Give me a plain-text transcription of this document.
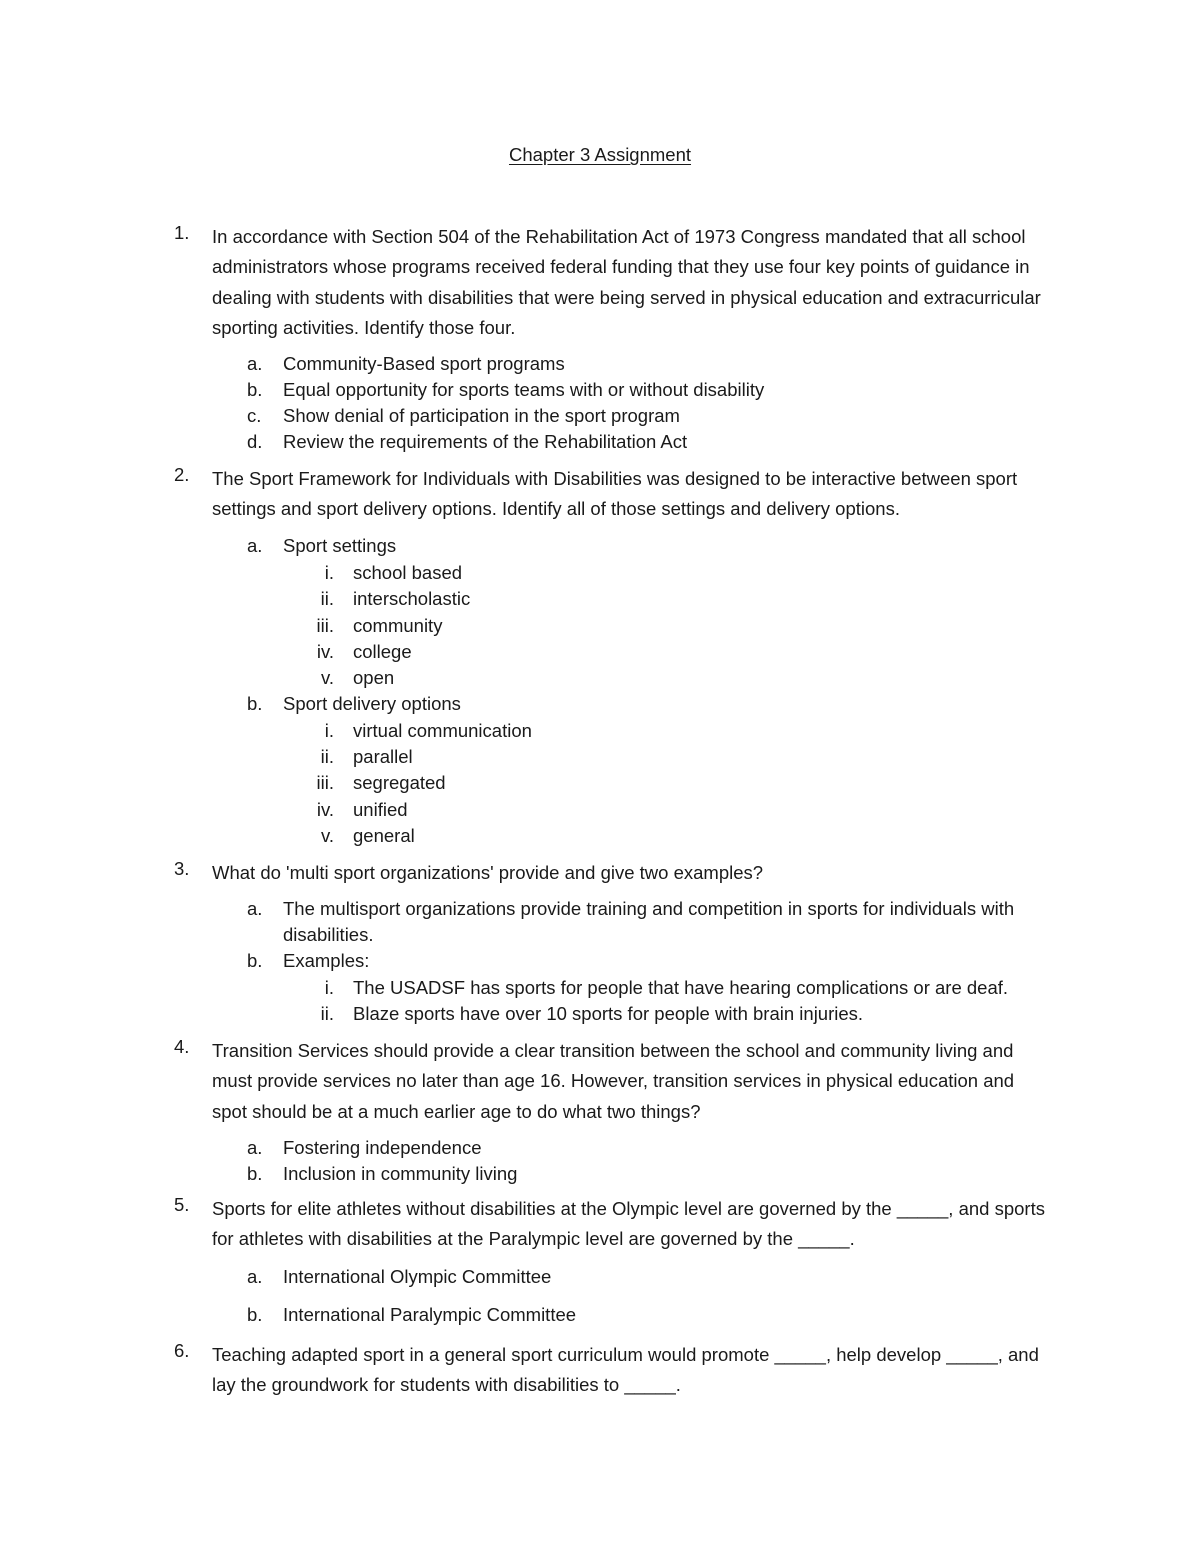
Chapter 3 Assignment
1.	In accordance with Section 504 of the Rehabilitation Act of 1973 Congress mandated that all school administrators whose programs received federal funding that they use four key points of guidance in dealing with students with disabilities that were being served in physical education and extracurricular sporting activities. Identify those four.
a. Community-Based sport programs
b. Equal opportunity for sports teams with or without disability
c. Show denial of participation in the sport program
d. Review the requirements of the Rehabilitation Act
2.	The Sport Framework for Individuals with Disabilities was designed to be interactive between sport settings and sport delivery options. Identify all of those settings and delivery options.
a. Sport settings
i. school based
ii. interscholastic
iii. community
iv. college
v. open
b. Sport delivery options
i. virtual communication
ii. parallel
iii. segregated
iv. unified
v. general
3.	What do 'multi sport organizations' provide and give two examples?
a. The multisport organizations provide training and competition in sports for individuals with disabilities.
b. Examples:
i. The USADSF has sports for people that have hearing complications or are deaf.
ii. Blaze sports have over 10 sports for people with brain injuries.
4.	Transition Services should provide a clear transition between the school and community living and must provide services no later than age 16. However, transition services in physical education and spot should be at a much earlier age to do what two things?
a. Fostering independence
b. Inclusion in community living
5.	Sports for elite athletes without disabilities at the Olympic level are governed by the _____, and sports for athletes with disabilities at the Paralympic level are governed by the _____.
a. International Olympic Committee
b. International Paralympic Committee
6.	Teaching adapted sport in a general sport curriculum would promote _____, help develop _____, and lay the groundwork for students with disabilities to _____.
